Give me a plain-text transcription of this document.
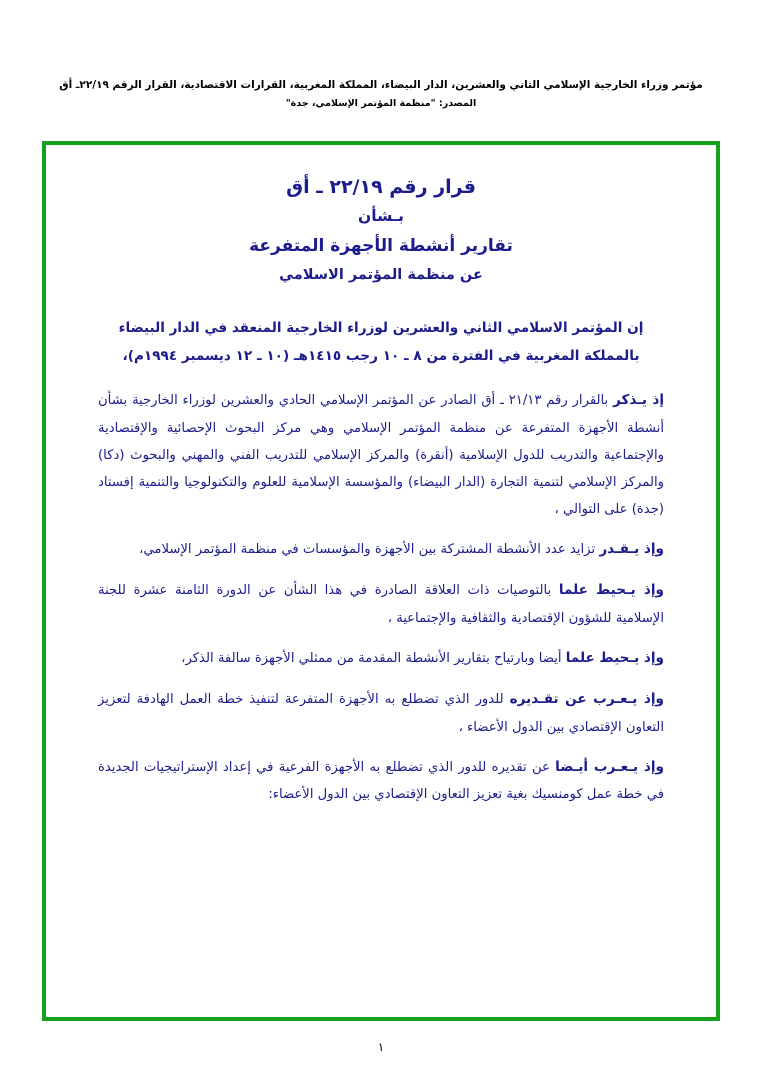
مؤتمر وزراء الخارجية الإسلامي الثاني والعشرين، الدار البيضاء، المملكة المغربية، القرارات الاقتصادية، القرار الرقم ٢٢/١٩ـ أق
المصدر: "منظمة المؤتمر الإسلامي، جدة"
قرار رقم ٢٢/١٩ ـ أق
بـشأن
تقارير أنشطة الأجهزة المتفرعة
عن منظمة المؤتمر الاسلامي
إن المؤتمر الاسلامي الثاني والعشرين لوزراء الخارجية المنعقد في الدار البيضاء بالمملكة المغربية في الفترة من ٨ ـ ١٠ رجب ١٤١٥هـ (١٠ ـ ١٢ ديسمبر ١٩٩٤م)،
إذ يـذكر بالقرار رقم ٢١/١٣ ـ أق الصادر عن المؤتمر الإسلامي الحادي والعشرين لوزراء الخارجية بشأن أنشطة الأجهزة المتفرعة عن منظمة المؤتمر الإسلامي وهي مركز البحوث الإحصائية والإقتصادية والإجتماعية والتدريب للدول الإسلامية (أنقرة) والمركز الإسلامي للتدريب الفني والمهني والبحوث (دكا) والمركز الإسلامي لتنمية التجارة (الدار البيضاء) والمؤسسة الإسلامية للعلوم والتكنولوجيا والتنمية إفستاد (جدة) على التوالي ،
وإذ يـقـدر تزايد عدد الأنشطة المشتركة بين الأجهزة والمؤسسات في منظمة المؤتمر الإسلامي،
وإذ يـحيط علما بالتوصيات ذات العلاقة الصادرة في هذا الشأن عن الدورة الثامنة عشرة للجنة الإسلامية للشؤون الإقتصادية والثقافية والإجتماعية ،
وإذ يـحيط علما أيضا وبارتياح بتقارير الأنشطة المقدمة من ممثلي الأجهزة سالفة الذكر،
وإذ يـعـرب عن تقـديره للدور الذي تضطلع به الأجهزة المتفرعة لتنفيذ خطة العمل الهادفة لتعزيز التعاون الإقتصادي بين الدول الأعضاء ،
وإذ يـعـرب أيـضا عن تقديره للدور الذي تضطلع به الأجهزة الفرعية في إعداد الإستراتيجيات الجديدة في خطة عمل كومنسيك بغية تعزيز التعاون الإقتصادي بين الدول الأعضاء:
١
